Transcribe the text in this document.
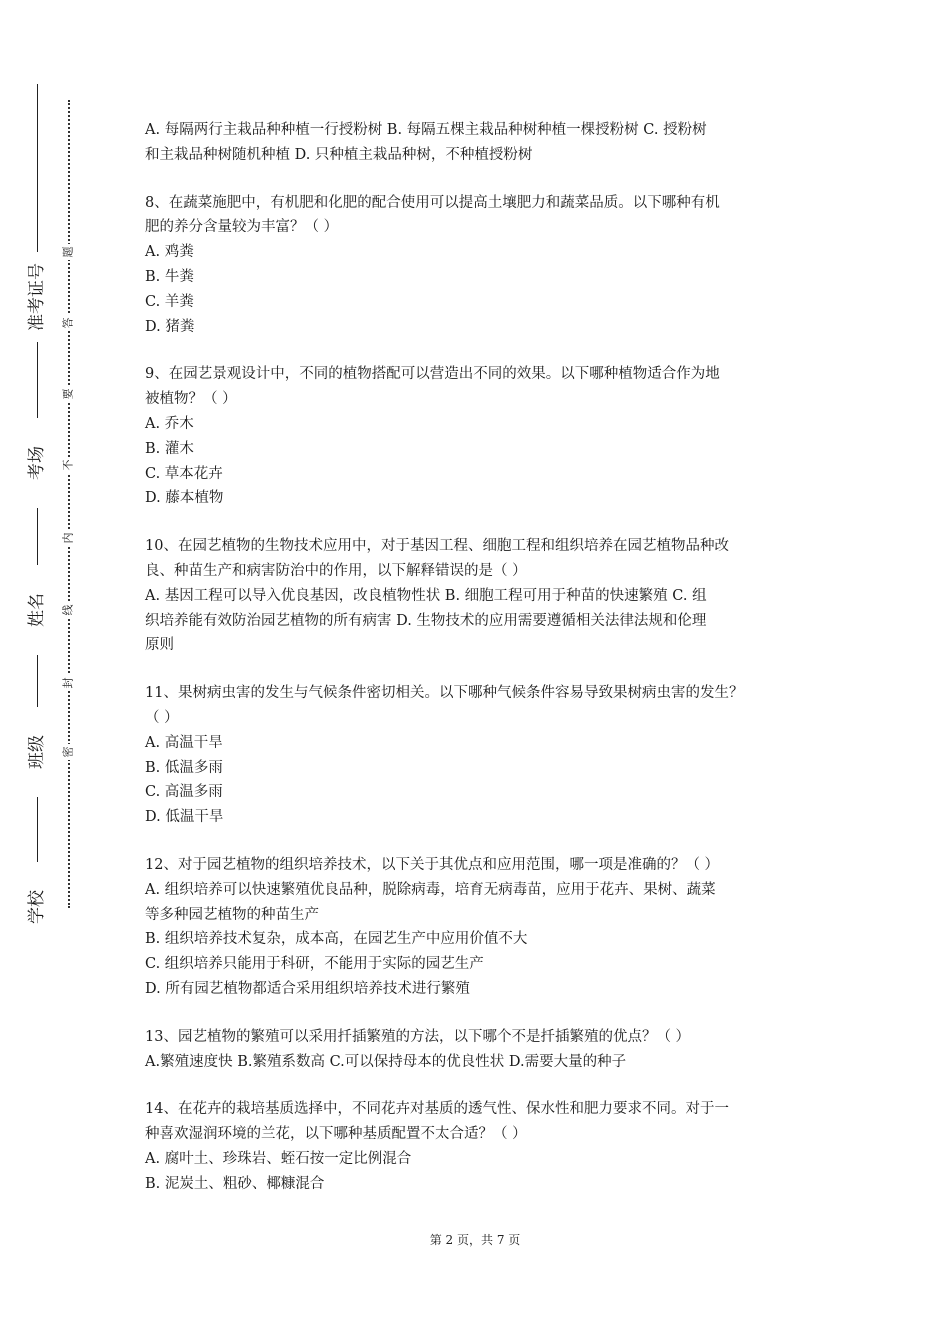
准考证号
考场
姓名
班级
学校
题
答
要
不
内
线
封
密
A. 每隔两行主栽品种种植一行授粉树 B. 每隔五棵主栽品种树种植一棵授粉树 C. 授粉树
和主栽品种树随机种植 D. 只种植主栽品种树，不种植授粉树
8、在蔬菜施肥中，有机肥和化肥的配合使用可以提高土壤肥力和蔬菜品质。以下哪种有机
肥的养分含量较为丰富？（ ）
A. 鸡粪
B. 牛粪
C. 羊粪
D. 猪粪
9、在园艺景观设计中，不同的植物搭配可以营造出不同的效果。以下哪种植物适合作为地
被植物？（ ）
A. 乔木
B. 灌木
C. 草本花卉
D. 藤本植物
10、在园艺植物的生物技术应用中，对于基因工程、细胞工程和组织培养在园艺植物品种改
良、种苗生产和病害防治中的作用，以下解释错误的是（ ）
A. 基因工程可以导入优良基因，改良植物性状 B. 细胞工程可用于种苗的快速繁殖 C. 组
织培养能有效防治园艺植物的所有病害 D. 生物技术的应用需要遵循相关法律法规和伦理
原则
11、果树病虫害的发生与气候条件密切相关。以下哪种气候条件容易导致果树病虫害的发生？
（ ）
A. 高温干旱
B. 低温多雨
C. 高温多雨
D. 低温干旱
12、对于园艺植物的组织培养技术，以下关于其优点和应用范围，哪一项是准确的？（ ）
A. 组织培养可以快速繁殖优良品种，脱除病毒，培育无病毒苗，应用于花卉、果树、蔬菜
等多种园艺植物的种苗生产
B. 组织培养技术复杂，成本高，在园艺生产中应用价值不大
C. 组织培养只能用于科研，不能用于实际的园艺生产
D. 所有园艺植物都适合采用组织培养技术进行繁殖
13、园艺植物的繁殖可以采用扦插繁殖的方法，以下哪个不是扦插繁殖的优点？（ ）
A.繁殖速度快 B.繁殖系数高 C.可以保持母本的优良性状 D.需要大量的种子
14、在花卉的栽培基质选择中，不同花卉对基质的透气性、保水性和肥力要求不同。对于一
种喜欢湿润环境的兰花，以下哪种基质配置不太合适？（ ）
A. 腐叶土、珍珠岩、蛭石按一定比例混合
B. 泥炭土、粗砂、椰糠混合
第 2 页，共 7 页
